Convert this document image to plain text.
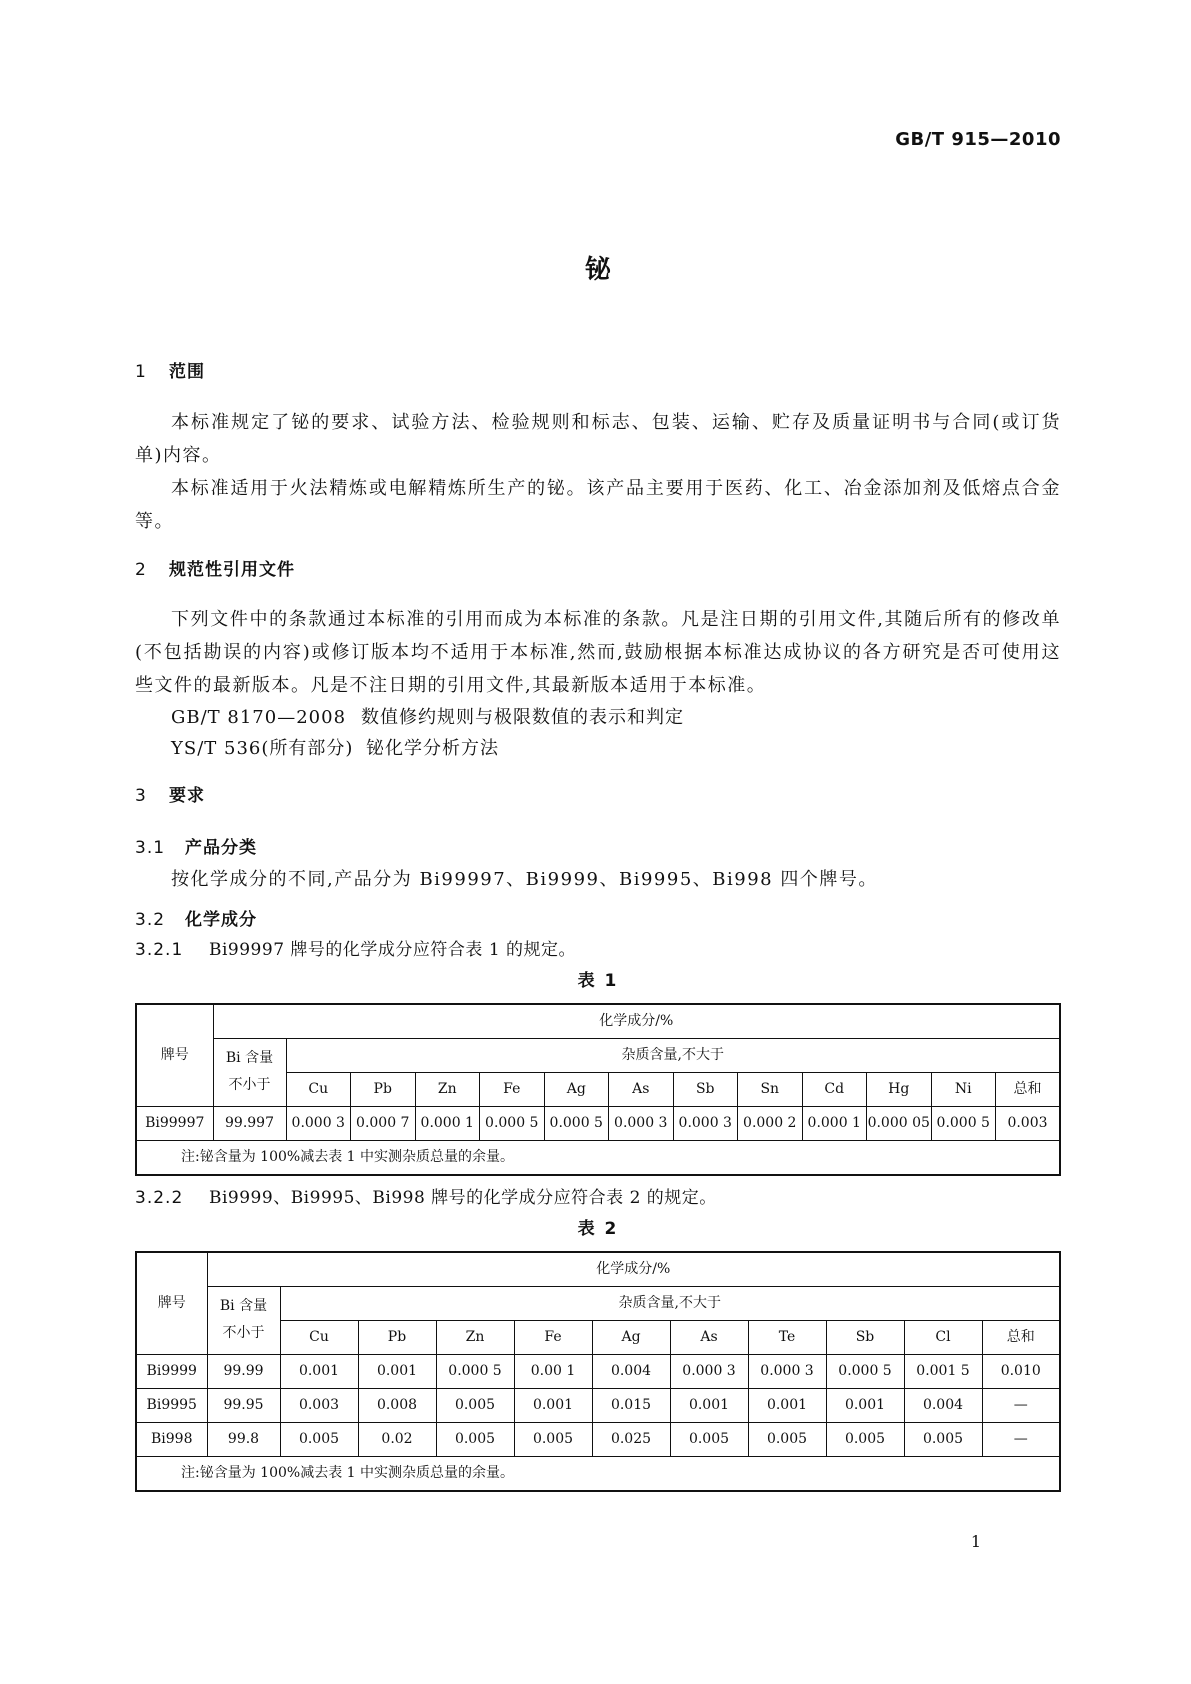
GB/T 915—2010

铋
1 范围

本标准规定了铋的要求、试验方法、检验规则和标志、包装、运输、贮存及质量证明书与合同(或订货单)内容。

本标准适用于火法精炼或电解精炼所生产的铋。该产品主要用于医药、化工、冶金添加剂及低熔点合金等。

2 规范性引用文件

下列文件中的条款通过本标准的引用而成为本标准的条款。凡是注日期的引用文件,其随后所有的修改单(不包括勘误的内容)或修订版本均不适用于本标准,然而,鼓励根据本标准达成协议的各方研究是否可使用这些文件的最新版本。凡是不注日期的引用文件,其最新版本适用于本标准。

GB/T 8170—2008 数值修约规则与极限数值的表示和判定

YS/T 536(所有部分) 铋化学分析方法

3 要求
3.1 产品分类

按化学成分的不同,产品分为 Bi99997、Bi9999、Bi9995、Bi998 四个牌号。

3.2 化学成分
3.2.1 Bi99997 牌号的化学成分应符合表 1 的规定。
表 1
牌号	化学成分/%												

	Bi 含量
不小于	杂质含量,不大于											
		Cu	Pb	Zn	Fe	Ag	As	Sb	Sn	Cd	Hg	Ni	总和
Bi99997	99.997	0.000 3	0.000 7	0.000 1	0.000 5	0.000 5	0.000 3	0.000 3	0.000 2	0.000 1	0.000 05	0.000 5	0.003
注:铋含量为 100%减去表 1 中实测杂质总量的余量。													
3.2.2 Bi9999、Bi9995、Bi998 牌号的化学成分应符合表 2 的规定。
表 2
牌号	化学成分/%										

	Bi 含量
不小于	杂质含量,不大于									
		Cu	Pb	Zn	Fe	Ag	As	Te	Sb	Cl	总和
Bi9999	99.99	0.001	0.001	0.000 5	0.00 1	0.004	0.000 3	0.000 3	0.000 5	0.001 5	0.010
Bi9995	99.95	0.003	0.008	0.005	0.001	0.015	0.001	0.001	0.001	0.004	—
Bi998	99.8	0.005	0.02	0.005	0.005	0.025	0.005	0.005	0.005	0.005	—
注:铋含量为 100%减去表 1 中实测杂质总量的余量。											
1
